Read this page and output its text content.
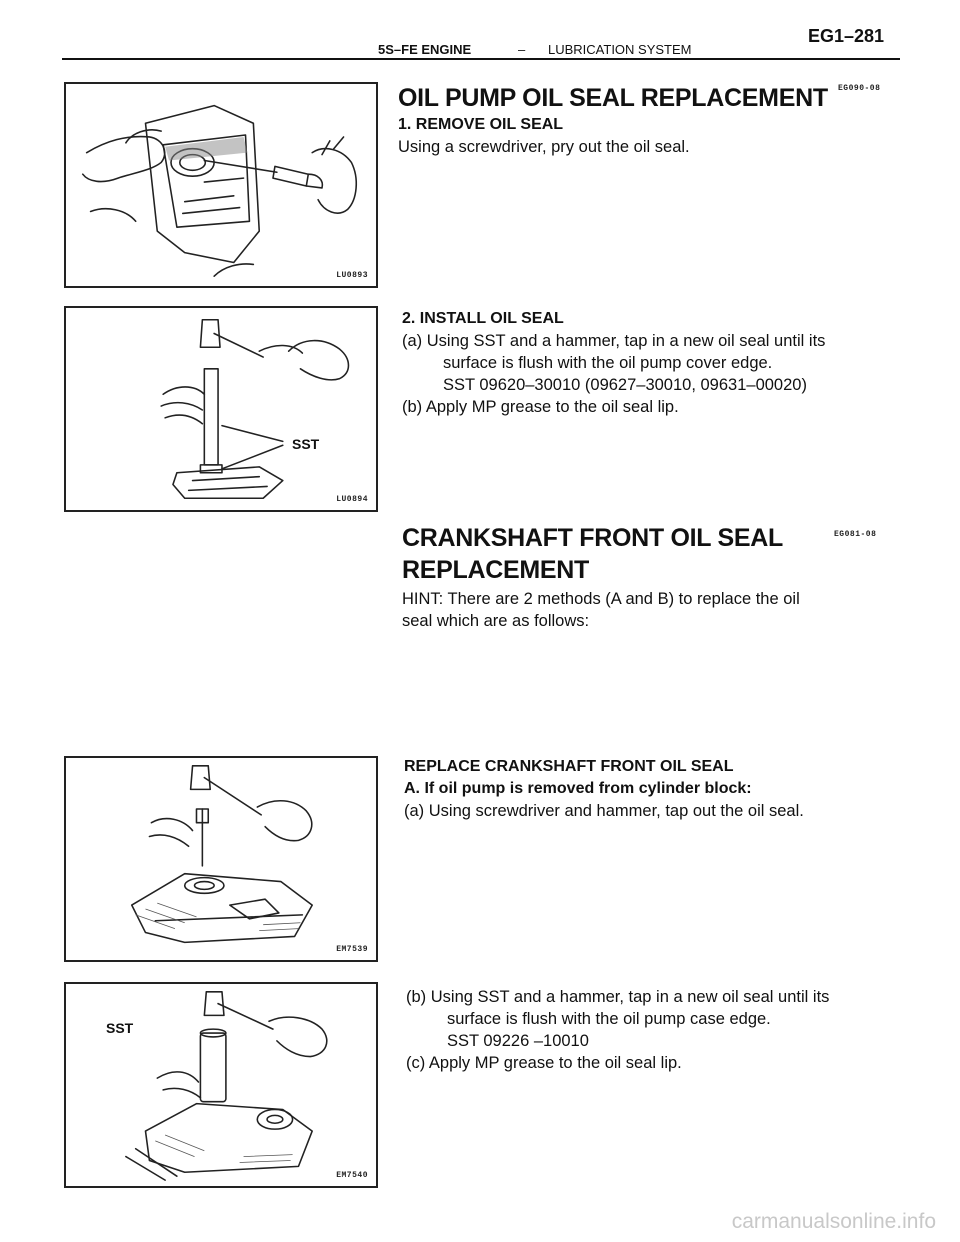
EG1–281
5S–FE ENGINE	– LUBRICATION SYSTEM
OIL PUMP OIL SEAL REPLACEMENT EG090-08
1. REMOVE OIL SEAL
Using a screwdriver, pry out the oil seal.
LU0893
2. INSTALL OIL SEAL
(a) Using SST and a hammer, tap in a new oil seal until its
surface is flush with the oil pump cover edge.
SST 09620–30010 (09627–30010, 09631–00020)
(b) Apply MP grease to the oil seal lip.
SST
LU0894
CRANKSHAFT FRONT OIL SEAL
REPLACEMENT
EG081-08
HINT: There are 2 methods (A and B) to replace the oil
seal which are as follows:
REPLACE CRANKSHAFT FRONT OIL SEAL
A. If oil pump is removed from cylinder block:
(a) Using screwdriver and hammer, tap out the oil seal.
EM7539
(b) Using SST and a hammer, tap in a new oil seal until its
surface is flush with the oil pump case edge.
SST 09226 –10010
(c) Apply MP grease to the oil seal lip.
SST
EM7540
carmanualsonline.info
